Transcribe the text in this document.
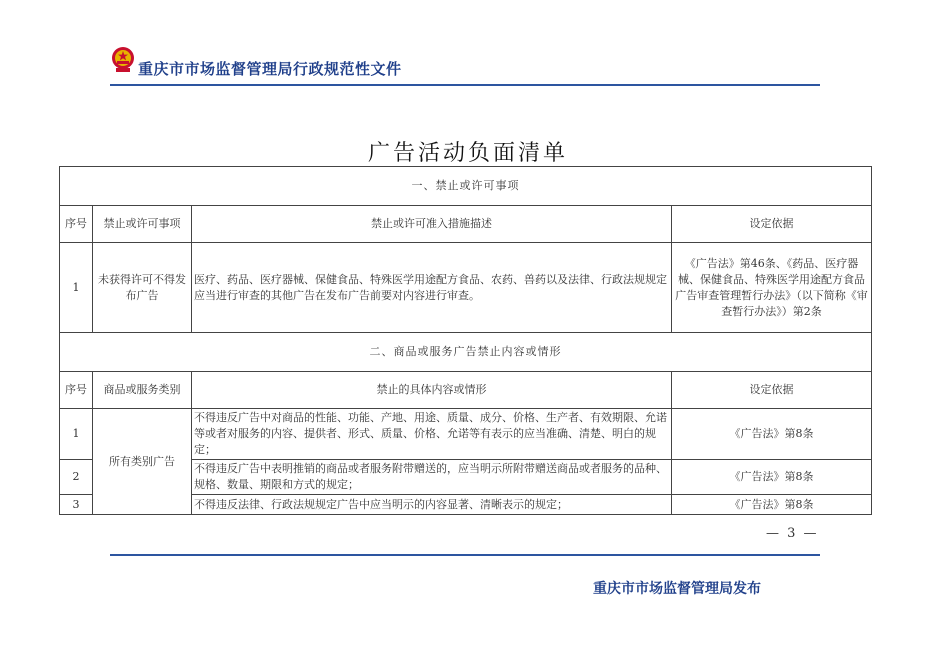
重庆市市场监督管理局行政规范性文件
广告活动负面清单
一、禁止或许可事项			
序号	禁止或许可事项	禁止或许可准入措施描述	设定依据
1	未获得许可不得发布广告	医疗、药品、医疗器械、保健食品、特殊医学用途配方食品、农药、兽药以及法律、行政法规规定应当进行审查的其他广告在发布广告前要对内容进行审查。	《广告法》第46条、《药品、医疗器械、保健食品、特殊医学用途配方食品广告审查管理暂行办法》（以下简称《审查暂行办法》）第2条
二、商品或服务广告禁止内容或情形			
序号	商品或服务类别	禁止的具体内容或情形	设定依据
1	所有类别广告	不得违反广告中对商品的性能、功能、产地、用途、质量、成分、价格、生产者、有效期限、允诺等或者对服务的内容、提供者、形式、质量、价格、允诺等有表示的应当准确、清楚、明白的规定；	《广告法》第8条
2		不得违反广告中表明推销的商品或者服务附带赠送的，应当明示所附带赠送商品或者服务的品种、规格、数量、期限和方式的规定；	《广告法》第8条
3		不得违反法律、行政法规规定广告中应当明示的内容显著、清晰表示的规定；	《广告法》第8条
— 3 —
重庆市市场监督管理局发布
